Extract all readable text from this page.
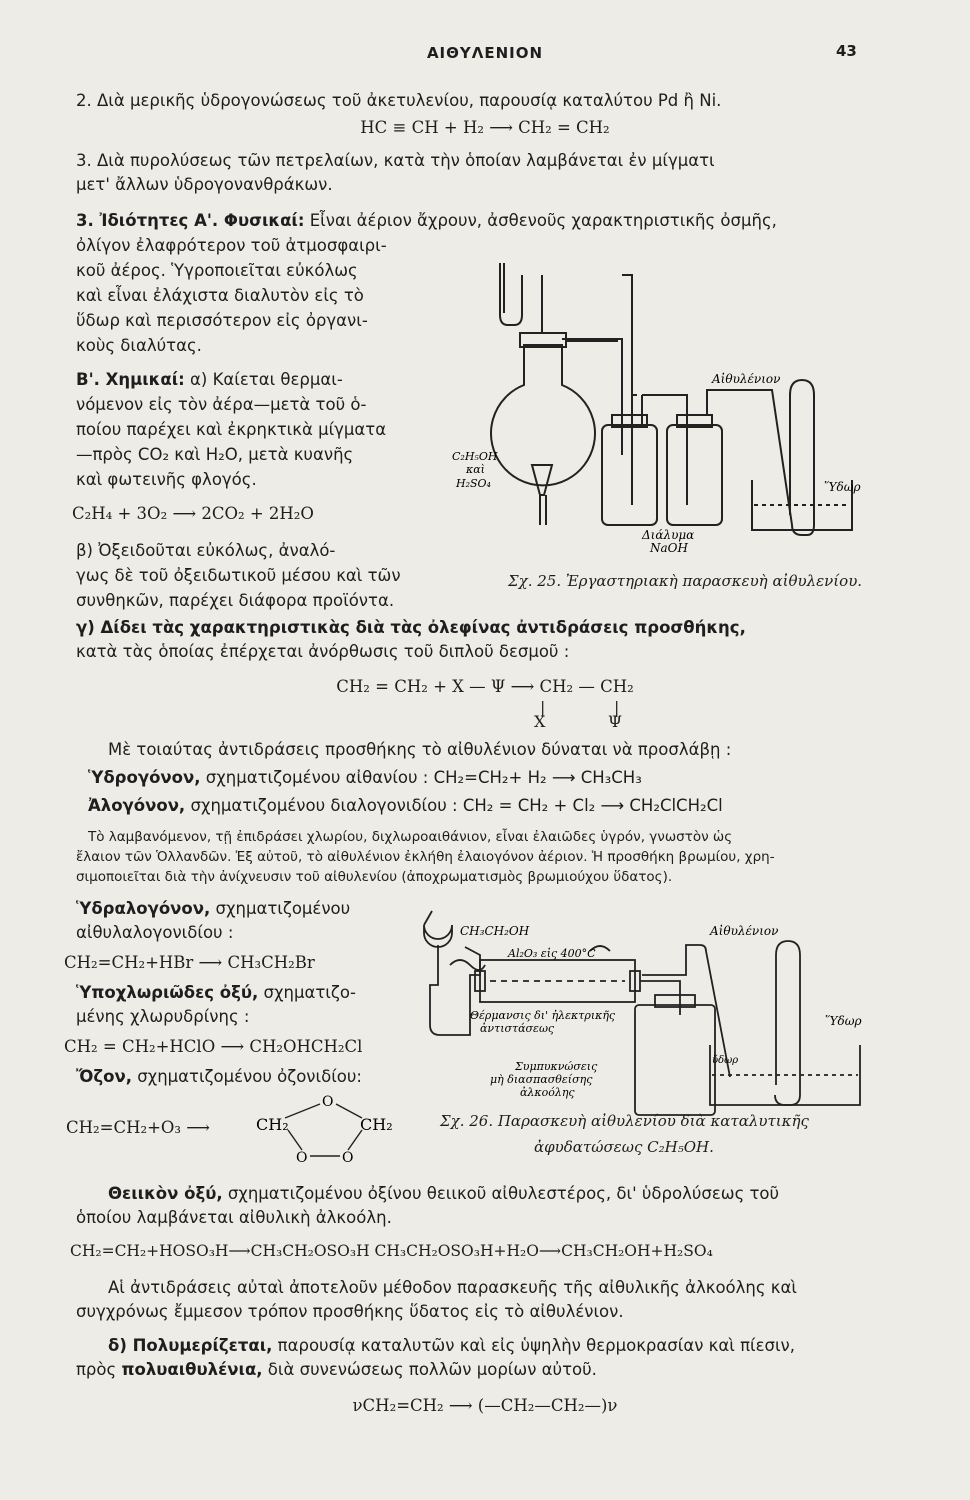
ΑΙΘΥΛΕΝΙΟΝ	43
2. Διὰ μερικῆς ὑδρογονώσεως τοῦ ἀκετυλενίου, παρουσίᾳ καταλύτου Pd ἢ Ni.
HC ≡ CH + H₂ ⟶ CH₂ = CH₂
3. Διὰ πυρολύσεως τῶν πετρελαίων, κατὰ τὴν ὁποίαν λαμβάνεται ἐν μίγματι
μετ' ἄλλων ὑδρογονανθράκων.
3. Ἰδιότητες Α'. Φυσικαί: Εἶναι ἀέριον ἄχρουν, ἀσθενοῦς χαρακτηριστικῆς ὀσμῆς,
ὀλίγον ἐλαφρότερον τοῦ ἀτμοσφαιρι-
κοῦ ἀέρος. Ὑγροποιεῖται εὐκόλως
καὶ εἶναι ἐλάχιστα διαλυτὸν εἰς τὸ
ὕδωρ καὶ περισσότερον εἰς ὀργανι-
κοὺς διαλύτας.
Β'. Χημικαί: α) Καίεται θερμαι-
νόμενον εἰς τὸν ἀέρα—μετὰ τοῦ ὁ-
ποίου παρέχει καὶ ἐκρηκτικὰ μίγματα
—πρὸς CO₂ καὶ H₂O, μετὰ κυανῆς
καὶ φωτεινῆς φλογός.
C₂H₄ + 3O₂ ⟶ 2CO₂ + 2H₂O
β) Ὀξειδοῦται εὐκόλως, ἀναλό-
γως δὲ τοῦ ὀξειδωτικοῦ μέσου καὶ τῶν
συνθηκῶν, παρέχει διάφορα προϊόντα.
C₂H₅OH
καὶ
H₂SO₄
Αἰθυλένιον
Ὕδωρ
Διάλυμα
NaOH
Σχ. 25. Ἐργαστηριακὴ παρασκευὴ αἰθυλενίου.
γ) Δίδει τὰς χαρακτηριστικὰς διὰ τὰς ὀλεφίνας ἀντιδράσεις προσθήκης,
κατὰ τὰς ὁποίας ἐπέρχεται ἀνόρθωσις τοῦ διπλοῦ δεσμοῦ :
CH₂ = CH₂ + X — Ψ ⟶ CH₂ — CH₂
|	|
X	Ψ
Μὲ τοιαύτας ἀντιδράσεις προσθήκης τὸ αἰθυλένιον δύναται νὰ προσλάβῃ :
Ὑδρογόνον, σχηματιζομένου αἰθανίου : CH₂=CH₂+ H₂ ⟶ CH₃CH₃
Ἀλογόνον, σχηματιζομένου διαλογονιδίου : CH₂ = CH₂ + Cl₂ ⟶ CH₂ClCH₂Cl
Τὸ λαμβανόμενον, τῇ ἐπιδράσει χλωρίου, διχλωροαιθάνιον, εἶναι ἐλαιῶδες ὑγρόν, γνωστὸν ὡς
ἔλαιον τῶν Ὁλλανδῶν. Ἐξ αὐτοῦ, τὸ αἰθυλένιον ἐκλήθη ἐλαιογόνον ἀέριον. Ἡ προσθήκη βρωμίου, χρη-
σιμοποιεῖται διὰ τὴν ἀνίχνευσιν τοῦ αἰθυλενίου (ἀποχρωματισμὸς βρωμιούχου ὕδατος).
Ὑδραλογόνον, σχηματιζομένου
αἰθυλαλογονιδίου :
CH₂=CH₂+HBr ⟶ CH₃CH₂Br
Ὑποχλωριῶδες ὀξύ, σχηματιζο-
μένης χλωρυδρίνης :
CH₂ = CH₂+HClO ⟶ CH₂OHCH₂Cl
Ὄζον, σχηματιζομένου ὀζονιδίου:
CH₂=CH₂+O₃ ⟶	CH₂	CH₂
O
O O
CH₃CH₂OH
Al₂O₃ εἰς 400°C
Θέρμανσις δι' ἠλεκτρικῆς
ἀντιστάσεως
Συμπυκνώσεις
μὴ διασπασθείσης
ἀλκοόλης
Αἰθυλένιον
Ὕδωρ
ὕδωρ
Σχ. 26. Παρασκευὴ αἰθυλενίου διὰ καταλυτικῆς
ἀφυδατώσεως C₂H₅OH.
Θειικὸν ὀξύ, σχηματιζομένου ὀξίνου θειικοῦ αἰθυλεστέρος, δι' ὑδρολύσεως τοῦ
ὁποίου λαμβάνεται αἰθυλικὴ ἀλκοόλη.
CH₂=CH₂+HOSO₃H⟶CH₃CH₂OSO₃H CH₃CH₂OSO₃H+H₂O⟶CH₃CH₂OH+H₂SO₄
Αἱ ἀντιδράσεις αὐταὶ ἀποτελοῦν μέθοδον παρασκευῆς τῆς αἰθυλικῆς ἀλκοόλης καὶ
συγχρόνως ἔμμεσον τρόπον προσθήκης ὕδατος εἰς τὸ αἰθυλένιον.
δ) Πολυμερίζεται, παρουσίᾳ καταλυτῶν καὶ εἰς ὑψηλὴν θερμοκρασίαν καὶ πίεσιν,
πρὸς πολυαιθυλένια, διὰ συνενώσεως πολλῶν μορίων αὐτοῦ.
νCH₂=CH₂ ⟶ (—CH₂—CH₂—)ν
